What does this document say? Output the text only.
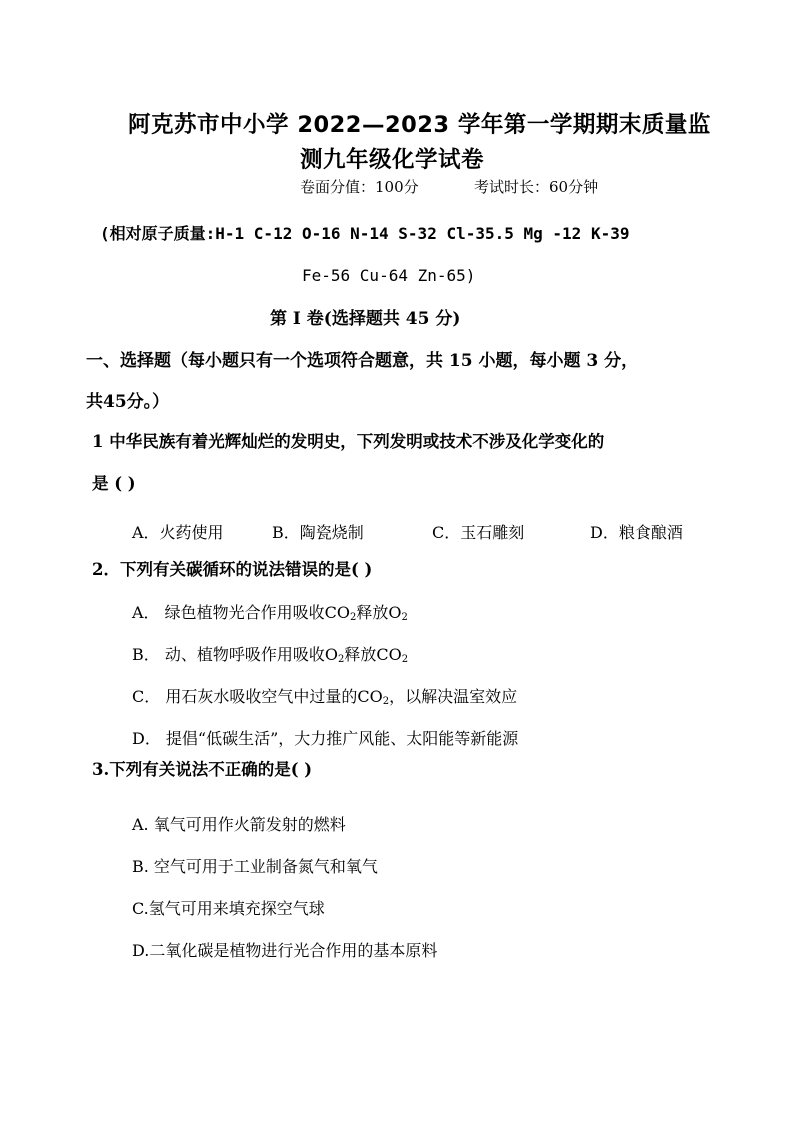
阿克苏市中小学 2022—2023 学年第一学期期末质量监
测九年级化学试卷
卷面分值：100分	考试时长：60分钟
(相对原子质量:H-1 C-12 O-16 N-14 S-32 Cl-35.5 Mg -12 K-39
Fe-56 Cu-64 Zn-65)
第 I 卷(选择题共 45 分)
一、选择题（每小题只有一个选项符合题意，共 15 小题，每小题 3 分，
共45分。）
1 中华民族有着光辉灿烂的发明史，下列发明或技术不涉及化学变化的
是 ( )
A．火药使用	B．陶瓷烧制	C．玉石雕刻	D．粮食酿酒
2．下列有关碳循环的说法错误的是( )
A． 绿色植物光合作用吸收$CO_2$释放$O_2$
B． 动、植物呼吸作用吸收$O_2$释放$CO_2$
C． 用石灰水吸收空气中过量的$CO_2$，以解决温室效应
D． 提倡“低碳生活”，大力推广风能、太阳能等新能源
3.下列有关说法不正确的是( )
A. 氧气可用作火箭发射的燃料
B. 空气可用于工业制备氮气和氧气
C.氢气可用来填充探空气球
D.二氧化碳是植物进行光合作用的基本原料
